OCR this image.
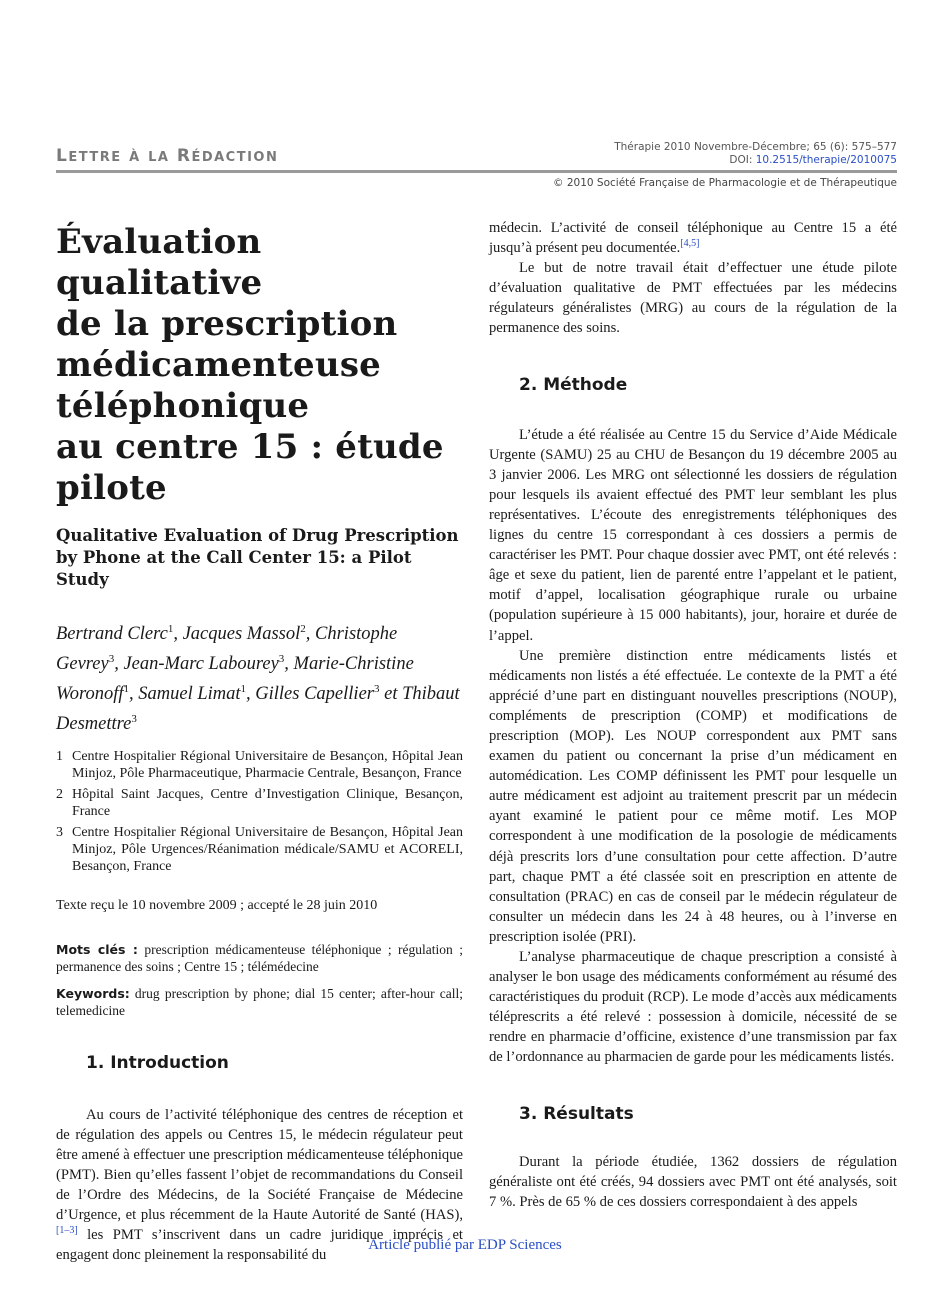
LETTRE À LA RÉDACTION
Thérapie 2010 Novembre-Décembre; 65 (6): 575–577
DOI: 10.2515/therapie/2010075
© 2010 Société Française de Pharmacologie et de Thérapeutique
Évaluation qualitative
de la prescription
médicamenteuse
téléphonique
au centre 15 : étude
pilote
Qualitative Evaluation of Drug Prescription
by Phone at the Call Center 15: a Pilot Study

Bertrand Clerc$^1$, Jacques Massol$^2$, Christophe Gevrey$^3$, Jean-Marc Labourey$^3$, Marie-Christine Woronoff$^1$, Samuel Limat$^1$, Gilles Capellier$^3$ et Thibaut Desmettre$^3$

1 Centre Hospitalier Régional Universitaire de Besançon, Hôpital Jean Minjoz, Pôle Pharmaceutique, Pharmacie Centrale, Besançon, France
2 Hôpital Saint Jacques, Centre d’Investigation Clinique, Besançon, France
3 Centre Hospitalier Régional Universitaire de Besançon, Hôpital Jean Minjoz, Pôle Urgences/Réanimation médicale/SAMU et ACORELI, Besançon, France
Texte reçu le 10 novembre 2009 ; accepté le 28 juin 2010
Mots clés : prescription médicamenteuse téléphonique ; régulation ; permanence des soins ; Centre 15 ; télémédecine
Keywords: drug prescription by phone; dial 15 center; after-hour call; telemedicine
1. Introduction

Au cours de l’activité téléphonique des centres de réception et de régulation des appels ou Centres 15, le médecin régulateur peut être amené à effectuer une prescription médicamenteuse téléphonique (PMT). Bien qu’elles fassent l’objet de recommandations du Conseil de l’Ordre des Médecins, de la Société Française de Médecine d’Urgence, et plus récemment de la Haute Autorité de Santé (HAS),[1–3] les PMT s’inscrivent dans un cadre juridique imprécis et engagent donc pleinement la responsabilité du

médecin. L’activité de conseil téléphonique au Centre 15 a été jusqu’à présent peu documentée.[4,5]

Le but de notre travail était d’effectuer une étude pilote d’évaluation qualitative de PMT effectuées par les médecins régulateurs généralistes (MRG) au cours de la régulation de la permanence des soins.

2. Méthode

L’étude a été réalisée au Centre 15 du Service d’Aide Médicale Urgente (SAMU) 25 au CHU de Besançon du 19 décembre 2005 au 3 janvier 2006. Les MRG ont sélectionné les dossiers de régulation pour lesquels ils avaient effectué des PMT leur semblant les plus représentatives. L’écoute des enregistrements téléphoniques des lignes du centre 15 correspondant à ces dossiers a permis de caractériser les PMT. Pour chaque dossier avec PMT, ont été relevés : âge et sexe du patient, lien de parenté entre l’appelant et le patient, motif d’appel, localisation géographique rurale ou urbaine (population supérieure à 15 000 habitants), jour, horaire et durée de l’appel.

Une première distinction entre médicaments listés et médicaments non listés a été effectuée. Le contexte de la PMT a été apprécié d’une part en distinguant nouvelles prescriptions (NOUP), compléments de prescription (COMP) et modifications de prescription (MOP). Les NOUP correspondent aux PMT sans examen du patient ou concernant la prise d’un médicament en automédication. Les COMP définissent les PMT pour lesquelle un autre médicament est adjoint au traitement prescrit par un médecin ayant examiné le patient pour ce même motif. Les MOP correspondent à une modification de la posologie de médicaments déjà prescrits lors d’une consultation pour cette affection. D’autre part, chaque PMT a été classée soit en prescription en attente de consultation (PRAC) en cas de conseil par le médecin régulateur de consulter un médecin dans les 24 à 48 heures, ou à l’inverse en prescription isolée (PRI).

L’analyse pharmaceutique de chaque prescription a consisté à analyser le bon usage des médicaments conformément au résumé des caractéristiques du produit (RCP). Le mode d’accès aux médicaments téléprescrits a été relevé : possession à domicile, nécessité de se rendre en pharmacie d’officine, existence d’une transmission par fax de l’ordonnance au pharmacien de garde pour les médicaments listés.

3. Résultats

Durant la période étudiée, 1362 dossiers de régulation généraliste ont été créés, 94 dossiers avec PMT ont été analysés, soit 7 %. Près de 65 % de ces dossiers correspondaient à des appels

Article publié par EDP Sciences
